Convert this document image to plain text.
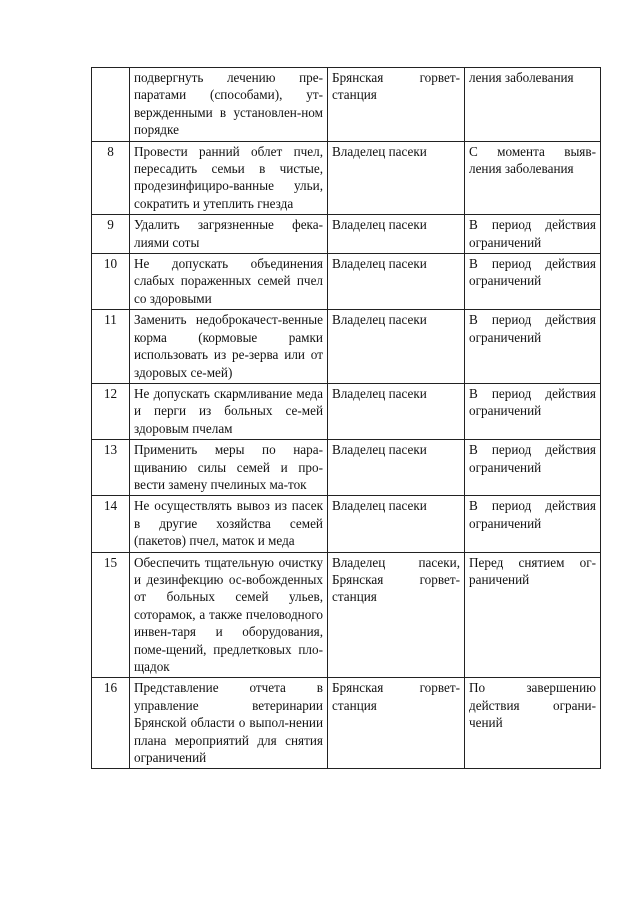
	подвергнуть лечению пре-паратами (способами), ут-вержденными в установлен-ном порядке	Брянская горвет-станция	ления заболевания

8	Провести ранний облет пчел, пересадить семьи в чистые, продезинфициро-ванные ульи, сократить и утеплить гнезда	Владелец пасеки	С момента выяв-ления заболевания

9	Удалить загрязненные фека-лиями соты	Владелец пасеки	В период действия ограничений

10	Не допускать объединения слабых пораженных семей пчел со здоровыми	Владелец пасеки	В период действия ограничений

11	Заменить недоброкачест-венные корма (кормовые рамки использовать из ре-зерва или от здоровых се-мей)	Владелец пасеки	В период действия ограничений

12	Не допускать скармливание меда и перги из больных се-мей здоровым пчелам	Владелец пасеки	В период действия ограничений

13	Применить меры по нара-щиванию силы семей и про-вести замену пчелиных ма-ток	Владелец пасеки	В период действия ограничений

14	Не осуществлять вывоз из пасек в другие хозяйства семей (пакетов) пчел, маток и меда	Владелец пасеки	В период действия ограничений

15	Обеспечить тщательную очистку и дезинфекцию ос-вобожденных от больных семей ульев, соторамок, а также пчеловодного инвен-таря и оборудования, поме-щений, предлетковых пло-щадок	Владелец пасеки, Брянская горвет-станция	Перед снятием ог-раничений

16	Представление отчета в управление ветеринарии Брянской области о выпол-нении плана мероприятий для снятия ограничений	Брянская горвет-станция	По завершению действия ограни-чений
